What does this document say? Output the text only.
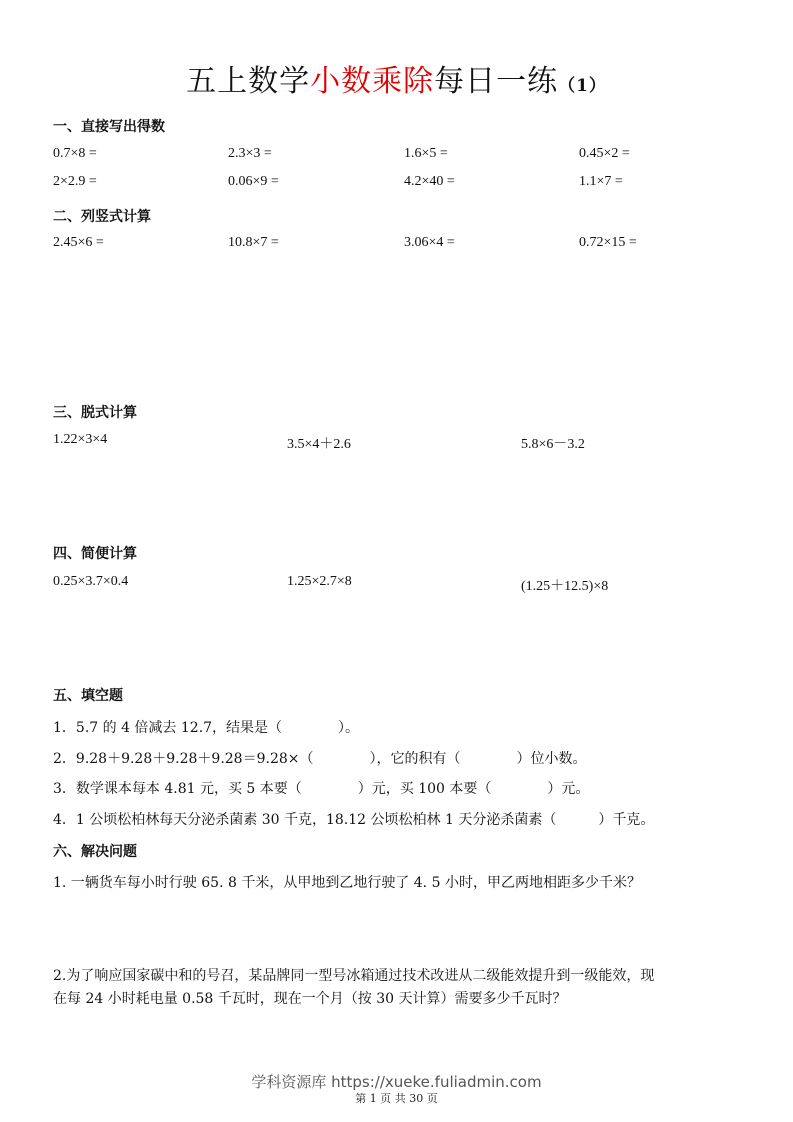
五上数学小数乘除每日一练（1）
一、直接写出得数
0.7×8 =	2.3×3 =	1.6×5 =	0.45×2 =
2×2.9 =	0.06×9 =	4.2×40 =	1.1×7 =
二、列竖式计算
2.45×6 =	10.8×7 =	3.06×4 =	0.72×15 =
三、脱式计算
1.22×3×4	3.5×4＋2.6	5.8×6－3.2
四、简便计算
0.25×3.7×0.4	1.25×2.7×8	(1.25＋12.5)×8
五、填空题
1．5.7 的 4 倍减去 12.7，结果是（　　　　）。
2．9.28＋9.28＋9.28＋9.28＝9.28×（　　　　），它的积有（　　　　）位小数。
3．数学课本每本 4.81 元，买 5 本要（　　　　）元，买 100 本要（　　　　）元。
4．1 公顷松柏林每天分泌杀菌素 30 千克，18.12 公顷松柏林 1 天分泌杀菌素（　　　）千克。
六、解决问题
1. 一辆货车每小时行驶 65. 8 千米，从甲地到乙地行驶了 4. 5 小时，甲乙两地相距多少千米？
2.为了响应国家碳中和的号召，某品牌同一型号冰箱通过技术改进从二级能效提升到一级能效，现
在每 24 小时耗电量 0.58 千瓦时，现在一个月（按 30 天计算）需要多少千瓦时？
学科资源库 https://xueke.fuliadmin.com
第 1 页 共 30 页
